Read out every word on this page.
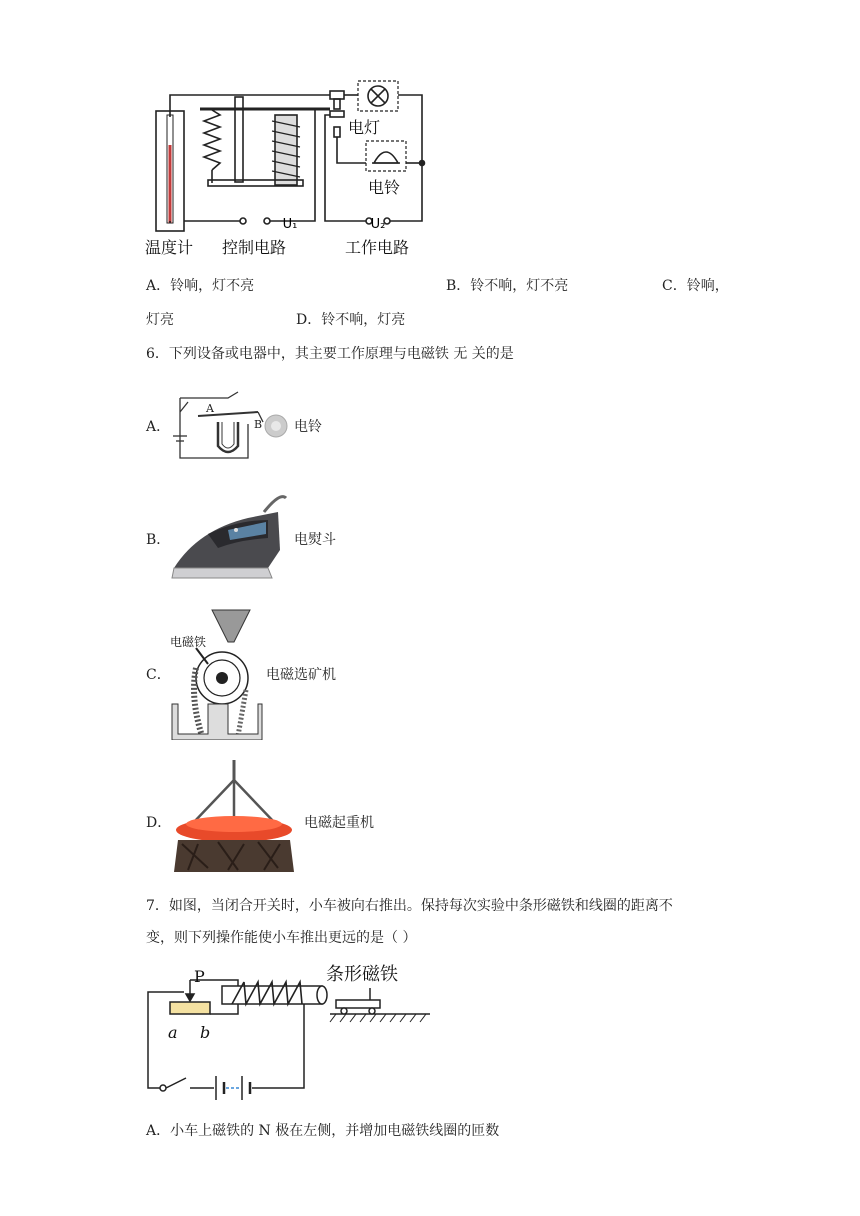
U₁	U₂
电灯
电铃
温度计 控制电路	工作电路
A．铃响，灯不亮	B．铃不响，灯不亮	C．铃响，
灯亮	D．铃不响，灯亮
6．下列设备或电器中，其主要工作原理与电磁铁 无 关的是
A．
A
B 电铃
B．	电熨斗
C．
电磁铁
电磁选矿机
D．	电磁起重机
7．如图，当闭合开关时，小车被向右推出。保持每次实验中条形磁铁和线圈的距离不
变，则下列操作能使小车推出更远的是（ ）
P
a b
条形磁铁
A．小车上磁铁的 N 极在左侧，并增加电磁铁线圈的匝数
